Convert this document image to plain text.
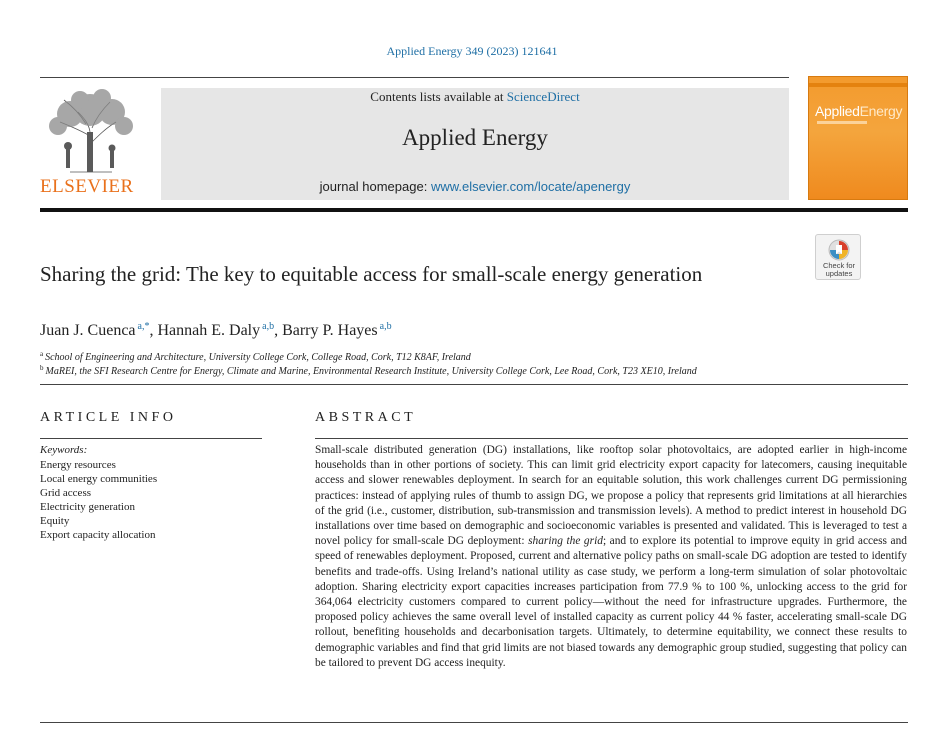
Applied Energy 349 (2023) 121641
ELSEVIER
Contents lists available at ScienceDirect
Applied Energy
journal homepage: www.elsevier.com/locate/apenergy
AppliedEnergy
Check for
updates
Sharing the grid: The key to equitable access for small-scale energy generation
Juan J. Cuenca $^{a,*}$, Hannah E. Daly $^{a,b}$, Barry P. Hayes $^{a,b}$
$^a$ School of Engineering and Architecture, University College Cork, College Road, Cork, T12 K8AF, Ireland
$^b$ MaREI, the SFI Research Centre for Energy, Climate and Marine, Environmental Research Institute, University College Cork, Lee Road, Cork, T23 XE10, Ireland
ARTICLE INFO
Keywords:
Energy resources
Local energy communities
Grid access
Electricity generation
Equity
Export capacity allocation
ABSTRACT

Small-scale distributed generation (DG) installations, like rooftop solar photovoltaics, are adopted earlier in high-income households than in other portions of society. This can limit grid electricity export capacity for latecomers, causing inequitable access and slower renewables deployment. In search for an equitable solution, this work challenges current DG permissioning practices: instead of applying rules of thumb to assign DG, we propose a policy that represents grid limitations at all hierarchies of the grid (i.e., customer, distribution, sub-transmission and transmission levels). A method to predict interest in household DG installations over time based on demographic and socioeconomic variables is presented and validated. This is leveraged to test a novel policy for small-scale DG deployment: sharing the grid; and to explore its potential to improve equity in grid access and speed of renewables deployment. Proposed, current and alternative policy paths on small-scale DG adoption are tested to identify benefits and trade-offs. Using Ireland’s national utility as case study, we perform a long-term simulation of solar photovoltaic adoption. Sharing electricity export capacities increases participation from 77.9 % to 100 %, unlocking access to the grid for 364,064 electricity customers compared to current policy—without the need for infrastructure upgrades. Furthermore, the proposed policy achieves the same overall level of installed capacity as current policy 44 % faster, accelerating small-scale DG rollout, benefiting households and decarbonisation targets. Ultimately, to determine equitability, we connect these results to demographic variables and find that grid limits are not biased towards any demographic group studied, suggesting that policy can be tailored to prevent DG access inequity.
